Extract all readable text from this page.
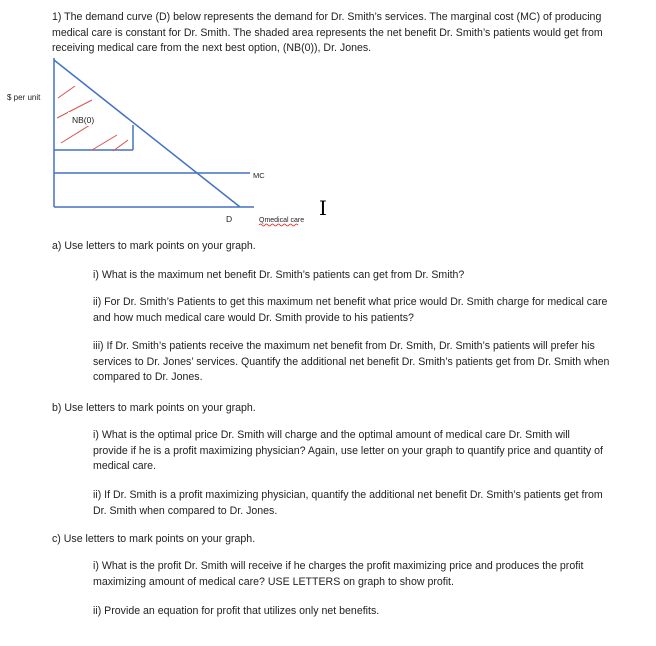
1) The demand curve (D) below represents the demand for Dr. Smith’s services. The marginal cost (MC) of producing medical care is constant for Dr. Smith. The shaded area represents the net benefit Dr. Smith’s patients would get from receiving medical care from the next best option, (NB(0)), Dr. Jones.

$ per unit
NB(0)
MC
D	Qmedical care
I

a) Use letters to mark points on your graph.

i) What is the maximum net benefit Dr. Smith’s patients can get from Dr. Smith?

ii) For Dr. Smith’s Patients to get this maximum net benefit what price would Dr. Smith charge for medical care and how much medical care would Dr. Smith provide to his patients?

iii) If Dr. Smith’s patients receive the maximum net benefit from Dr. Smith, Dr. Smith’s patients will prefer his services to Dr. Jones’ services. Quantify the additional net benefit Dr. Smith’s patients get from Dr. Smith when compared to Dr. Jones.

b) Use letters to mark points on your graph.

i) What is the optimal price Dr. Smith will charge and the optimal amount of medical care Dr. Smith will provide if he is a profit maximizing physician? Again, use letter on your graph to quantify price and quantity of medical care.

ii) If Dr. Smith is a profit maximizing physician, quantify the additional net benefit Dr. Smith’s patients get from Dr. Smith when compared to Dr. Jones.

c) Use letters to mark points on your graph.

i) What is the profit Dr. Smith will receive if he charges the profit maximizing price and produces the profit maximizing amount of medical care? USE LETTERS on graph to show profit.

ii) Provide an equation for profit that utilizes only net benefits.
